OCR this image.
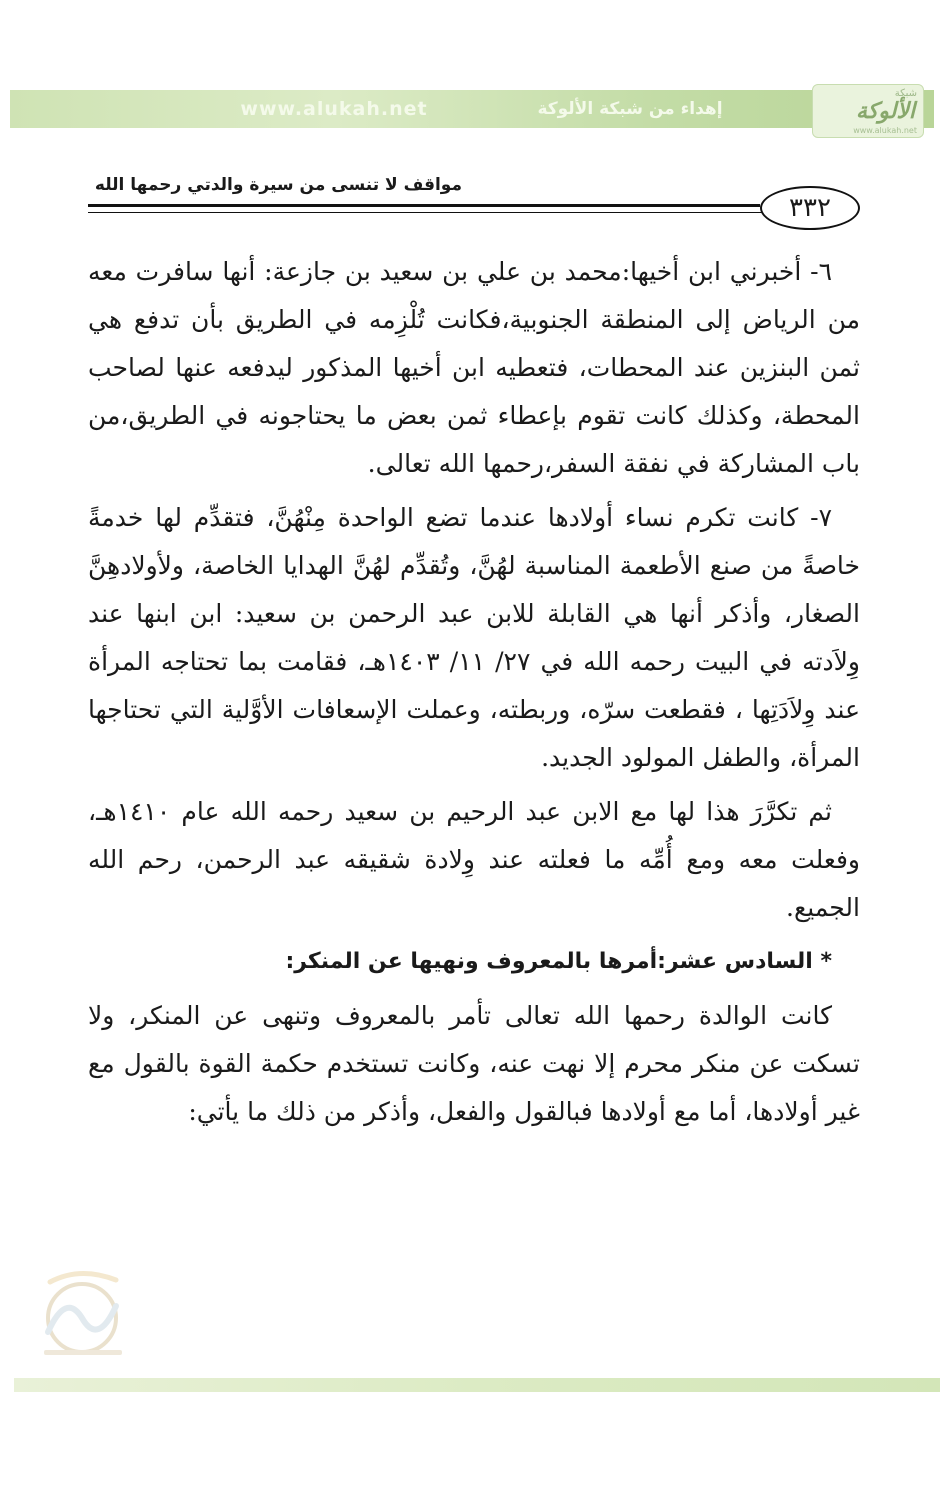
www.alukah.net	إهداء من شبكة الألوكة
شبكة
الألوكة
www.alukah.net
مواقف لا تنسى من سيرة والدتي رحمها الله
٣٣٢

٦- أخبرني ابن أخيها:محمد بن علي بن سعيد بن جازعة: أنها سافرت معه من الرياض إلى المنطقة الجنوبية،فكانت تُلْزِمه في الطريق بأن تدفع هي ثمن البنزين عند المحطات، فتعطيه ابن أخيها المذكور ليدفعه عنها لصاحب المحطة، وكذلك كانت تقوم بإعطاء ثمن بعض ما يحتاجونه في الطريق،من باب المشاركة في نفقة السفر،رحمها الله تعالى.

٧- كانت تكرم نساء أولادها عندما تضع الواحدة مِنْهُنَّ، فتقدِّم لها خدمةً خاصةً من صنع الأطعمة المناسبة لهُنَّ، وتُقدِّم لهُنَّ الهدايا الخاصة، ولأولادهِنَّ الصغار، وأذكر أنها هي القابلة للابن عبد الرحمن بن سعيد: ابن ابنها عند وِلاَدته في البيت رحمه الله في ٢٧/ ١١/ ١٤٠٣هـ، فقامت بما تحتاجه المرأة عند وِلاَدَتِها ، فقطعت سرّه، وربطته، وعملت الإسعافات الأوَّلية التي تحتاجها المرأة، والطفل المولود الجديد.

ثم تكرَّرَ هذا لها مع الابن عبد الرحيم بن سعيد رحمه الله عام ١٤١٠هـ، وفعلت معه ومع أُمِّه ما فعلته عند وِلادة شقيقه عبد الرحمن، رحم الله الجميع.

* السادس عشر:أمرها بالمعروف ونهيها عن المنكر:

كانت الوالدة رحمها الله تعالى تأمر بالمعروف وتنهى عن المنكر، ولا تسكت عن منكر محرم إلا نهت عنه، وكانت تستخدم حكمة القوة بالقول مع غير أولادها، أما مع أولادها فبالقول والفعل، وأذكر من ذلك ما يأتي:
